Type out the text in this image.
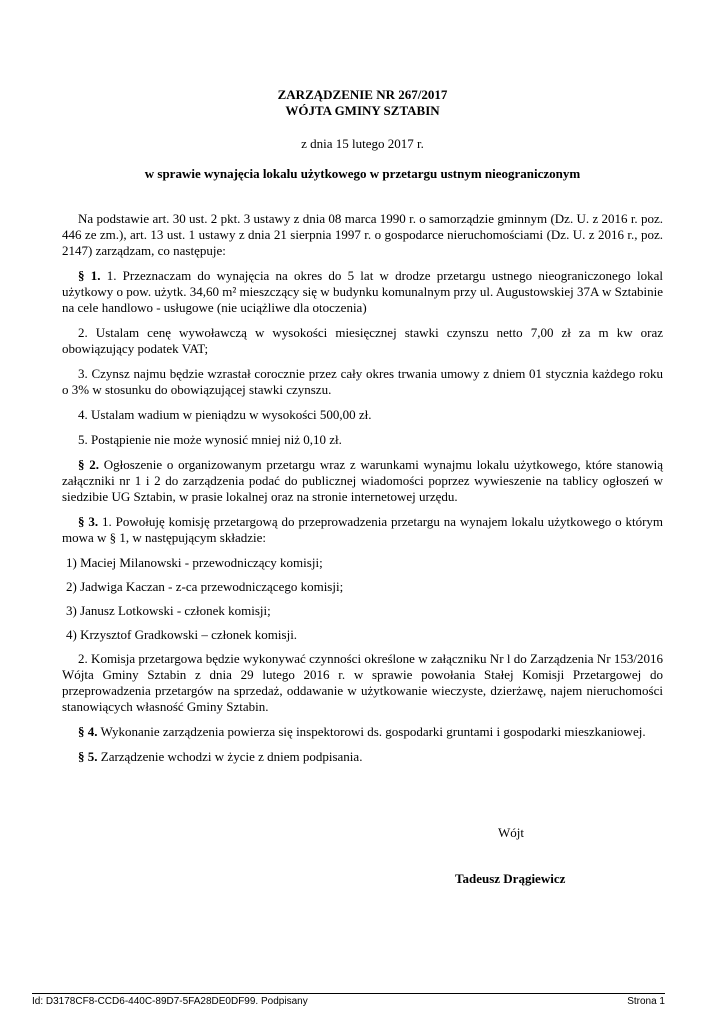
ZARZĄDZENIE NR 267/2017
WÓJTA GMINY SZTABIN
z dnia 15 lutego 2017 r.
w sprawie wynajęcia lokalu użytkowego w przetargu ustnym nieograniczonym

Na podstawie art. 30 ust. 2 pkt. 3 ustawy z dnia 08 marca 1990 r. o samorządzie gminnym (Dz. U. z 2016 r. poz. 446 ze zm.), art. 13 ust. 1 ustawy z dnia 21 sierpnia 1997 r. o gospodarce nieruchomościami (Dz. U. z 2016 r., poz. 2147) zarządzam, co następuje:

§ 1. 1. Przeznaczam do wynajęcia na okres do 5 lat w drodze przetargu ustnego nieograniczonego lokal użytkowy o pow. użytk. 34,60 m² mieszczący się w budynku komunalnym przy ul. Augustowskiej 37A w Sztabinie na cele handlowo - usługowe (nie uciążliwe dla otoczenia)

2. Ustalam cenę wywoławczą w wysokości miesięcznej stawki czynszu netto 7,00 zł za m kw oraz obowiązujący podatek VAT;

3. Czynsz najmu będzie wzrastał corocznie przez cały okres trwania umowy z dniem 01 stycznia każdego roku o 3% w stosunku do obowiązującej stawki czynszu.

4. Ustalam wadium w pieniądzu w wysokości 500,00 zł.

5. Postąpienie nie może wynosić mniej niż 0,10 zł.

§ 2. Ogłoszenie o organizowanym przetargu wraz z warunkami wynajmu lokalu użytkowego, które stanowią załączniki nr 1 i 2 do zarządzenia podać do publicznej wiadomości poprzez wywieszenie na tablicy ogłoszeń w siedzibie UG Sztabin, w prasie lokalnej oraz na stronie internetowej urzędu.

§ 3. 1. Powołuję komisję przetargową do przeprowadzenia przetargu na wynajem lokalu użytkowego o którym mowa w § 1, w następującym składzie:

1) Maciej Milanowski - przewodniczący komisji;
2) Jadwiga Kaczan - z-ca przewodniczącego komisji;
3) Janusz Lotkowski - członek komisji;
4) Krzysztof Gradkowski – członek komisji.

2. Komisja przetargowa będzie wykonywać czynności określone w załączniku Nr l do Zarządzenia Nr 153/2016 Wójta Gminy Sztabin z dnia 29 lutego 2016 r. w sprawie powołania Stałej Komisji Przetargowej do przeprowadzenia przetargów na sprzedaż, oddawanie w użytkowanie wieczyste, dzierżawę, najem nieruchomości stanowiących własność Gminy Sztabin.

§ 4. Wykonanie zarządzenia powierza się inspektorowi ds. gospodarki gruntami i gospodarki mieszkaniowej.

§ 5. Zarządzenie wchodzi w życie z dniem podpisania.

Wójt
Tadeusz Drągiewicz
Id: D3178CF8-CCD6-440C-89D7-5FA28DE0DF99. Podpisany	Strona 1
